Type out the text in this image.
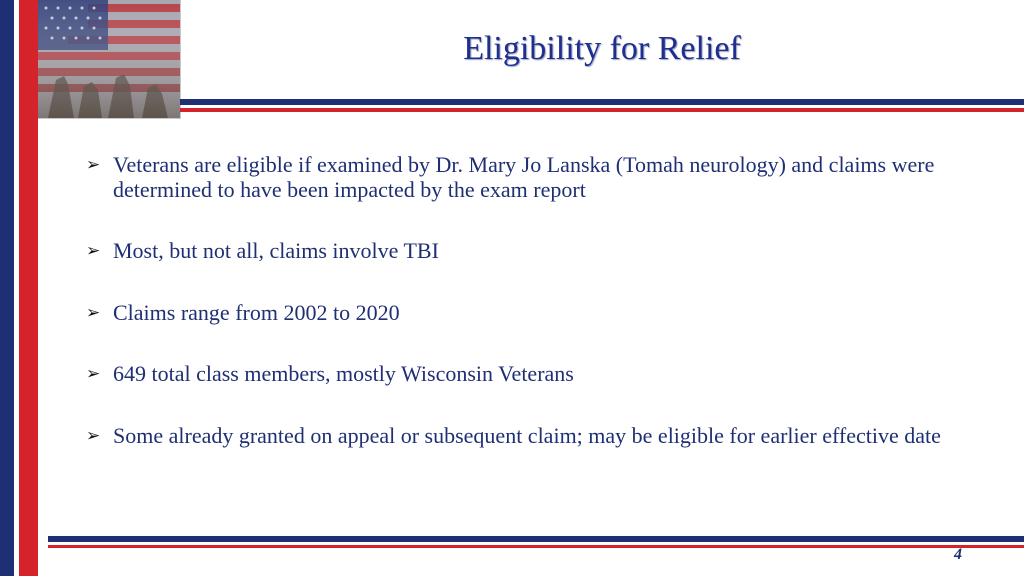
Eligibility for Relief
➢ Veterans are eligible if examined by Dr. Mary Jo Lanska (Tomah neurology) and claims were determined to have been impacted by the exam report
➢ Most, but not all, claims involve TBI
➢ Claims range from 2002 to 2020
➢ 649 total class members, mostly Wisconsin Veterans
➢ Some already granted on appeal or subsequent claim; may be eligible for earlier effective date
4
